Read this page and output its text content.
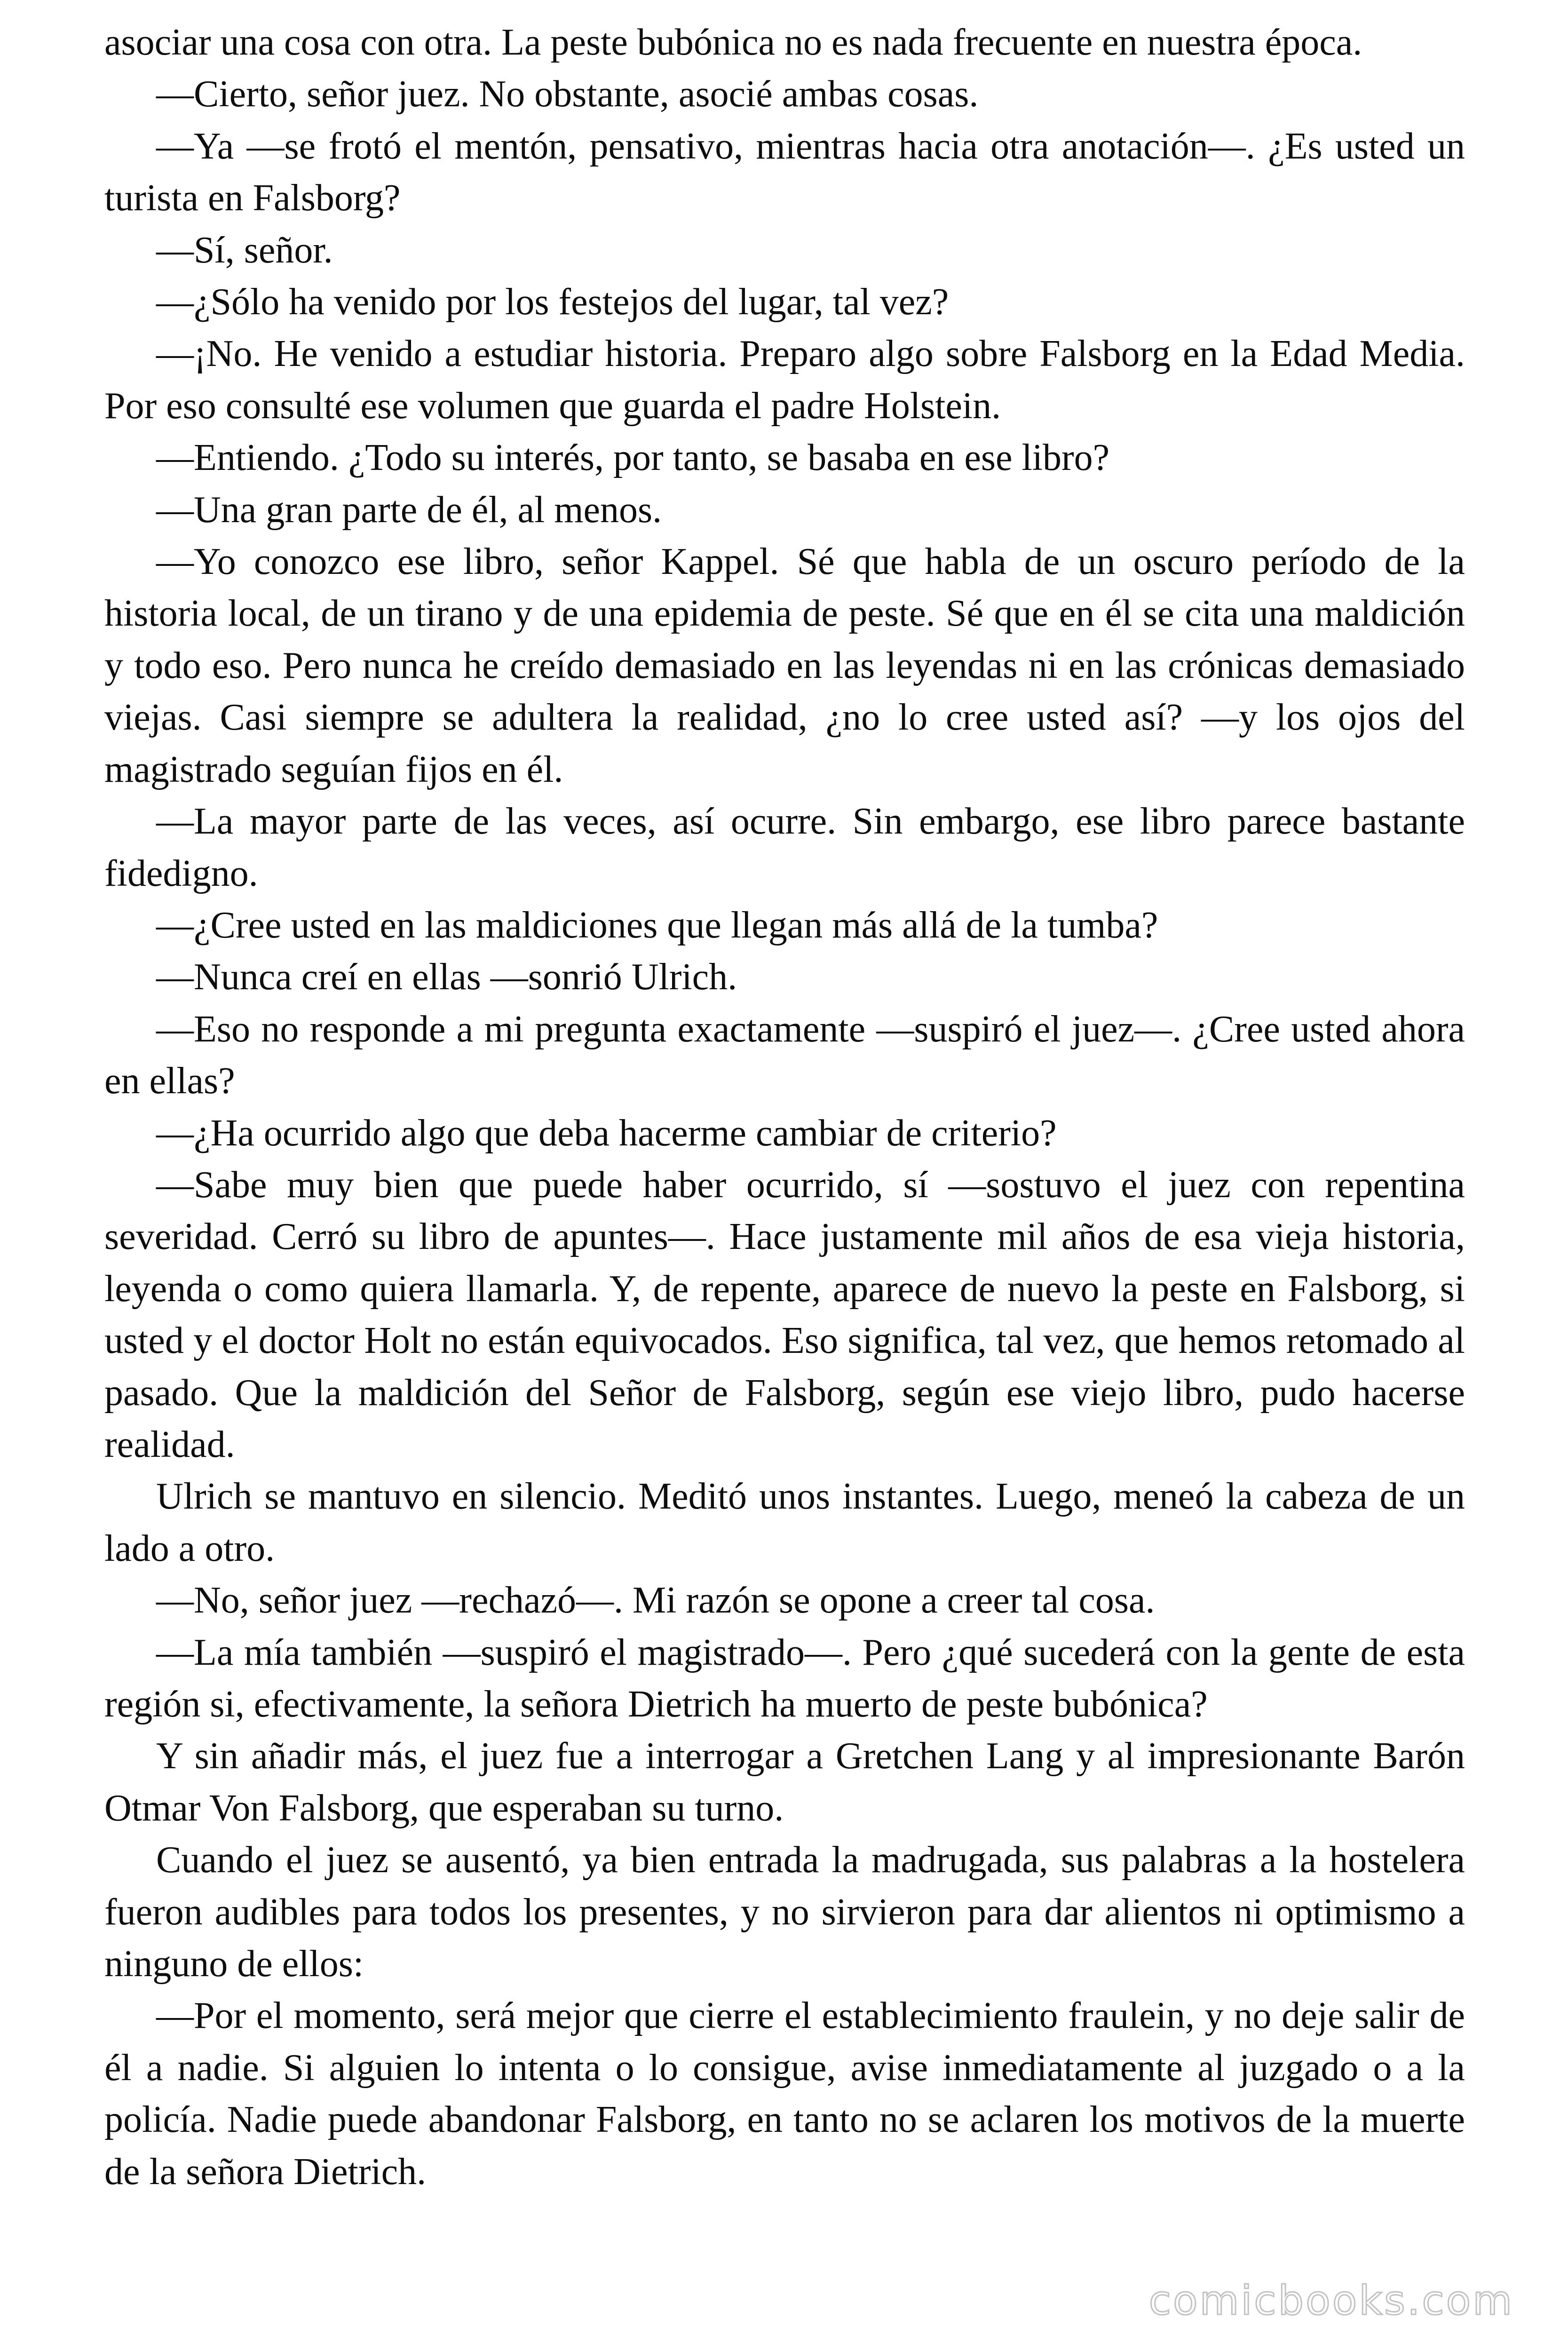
asociar una cosa con otra. La peste bubónica no es nada frecuente en nuestra época.

—Cierto, señor juez. No obstante, asocié ambas cosas.

—Ya —se frotó el mentón, pensativo, mientras hacia otra anotación—. ¿Es usted un turista en Falsborg?

—Sí, señor.

—¿Sólo ha venido por los festejos del lugar, tal vez?

—¡No. He venido a estudiar historia. Preparo algo sobre Falsborg en la Edad Media. Por eso consulté ese volumen que guarda el padre Holstein.

—Entiendo. ¿Todo su interés, por tanto, se basaba en ese libro?

—Una gran parte de él, al menos.

—Yo conozco ese libro, señor Kappel. Sé que habla de un oscuro período de la historia local, de un tirano y de una epidemia de peste. Sé que en él se cita una maldición y todo eso. Pero nunca he creído demasiado en las leyendas ni en las crónicas demasiado viejas. Casi siempre se adultera la realidad, ¿no lo cree usted así? —y los ojos del magistrado seguían fijos en él.

—La mayor parte de las veces, así ocurre. Sin embargo, ese libro parece bastante fidedigno.

—¿Cree usted en las maldiciones que llegan más allá de la tumba?

—Nunca creí en ellas —sonrió Ulrich.

—Eso no responde a mi pregunta exactamente —suspiró el juez—. ¿Cree usted ahora en ellas?

—¿Ha ocurrido algo que deba hacerme cambiar de criterio?

—Sabe muy bien que puede haber ocurrido, sí —sostuvo el juez con repentina severidad. Cerró su libro de apuntes—. Hace justamente mil años de esa vieja historia, leyenda o como quiera llamarla. Y, de repente, aparece de nuevo la peste en Falsborg, si usted y el doctor Holt no están equivocados. Eso significa, tal vez, que hemos retomado al pasado. Que la maldición del Señor de Falsborg, según ese viejo libro, pudo hacerse realidad.

Ulrich se mantuvo en silencio. Meditó unos instantes. Luego, meneó la cabeza de un lado a otro.

—No, señor juez —rechazó—. Mi razón se opone a creer tal cosa.

—La mía también —suspiró el magistrado—. Pero ¿qué sucederá con la gente de esta región si, efectivamente, la señora Dietrich ha muerto de peste bubónica?

Y sin añadir más, el juez fue a interrogar a Gretchen Lang y al impresionante Barón Otmar Von Falsborg, que esperaban su turno.

Cuando el juez se ausentó, ya bien entrada la madrugada, sus palabras a la hostelera fueron audibles para todos los presentes, y no sirvieron para dar alientos ni optimismo a ninguno de ellos:

—Por el momento, será mejor que cierre el establecimiento fraulein, y no deje salir de él a nadie. Si alguien lo intenta o lo consigue, avise inmediatamente al juzgado o a la policía. Nadie puede abandonar Falsborg, en tanto no se aclaren los motivos de la muerte de la señora Dietrich.

comicbooks.com
